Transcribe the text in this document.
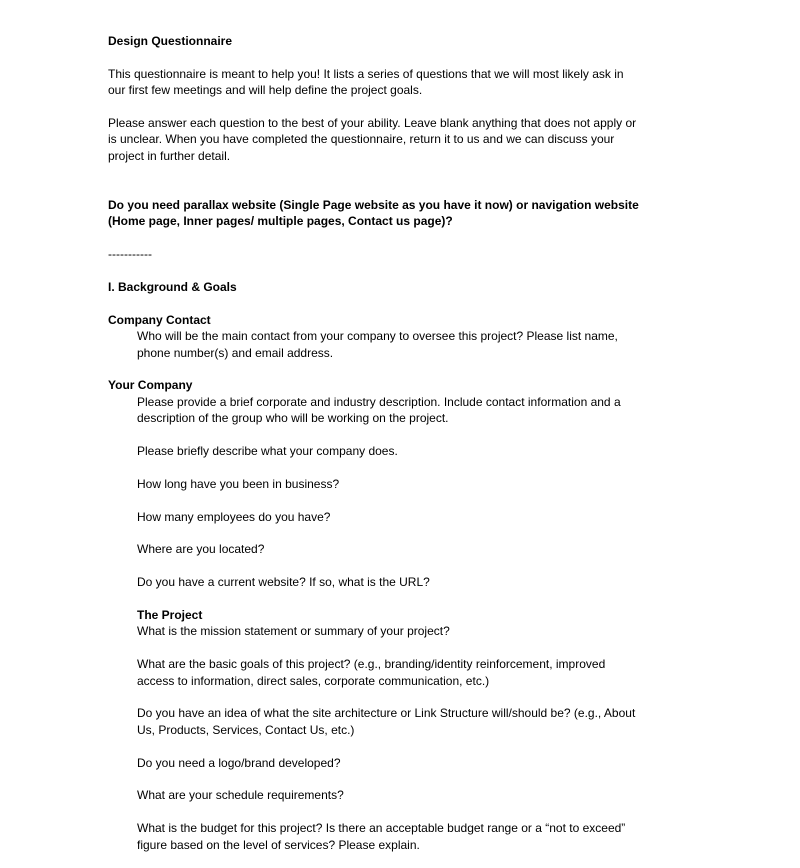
Design Questionnaire

This questionnaire is meant to help you! It lists a series of questions that we will most likely ask in

our first few meetings and will help define the project goals.

Please answer each question to the best of your ability. Leave blank anything that does not apply or

is unclear. When you have completed the questionnaire, return it to us and we can discuss your

project in further detail.

Do you need parallax website (Single Page website as you have it now) or navigation website

(Home page, Inner pages/ multiple pages, Contact us page)?

-----------

I. Background & Goals

Company Contact

Who will be the main contact from your company to oversee this project? Please list name,

phone number(s) and email address.

Your Company

Please provide a brief corporate and industry description. Include contact information and a

description of the group who will be working on the project.

Please briefly describe what your company does.

How long have you been in business?

How many employees do you have?

Where are you located?

Do you have a current website? If so, what is the URL?

The Project

What is the mission statement or summary of your project?

What are the basic goals of this project? (e.g., branding/identity reinforcement, improved

access to information, direct sales, corporate communication, etc.)

Do you have an idea of what the site architecture or Link Structure will/should be? (e.g., About

Us, Products, Services, Contact Us, etc.)

Do you need a logo/brand developed?

What are your schedule requirements?

What is the budget for this project? Is there an acceptable budget range or a “not to exceed”

figure based on the level of services? Please explain.
